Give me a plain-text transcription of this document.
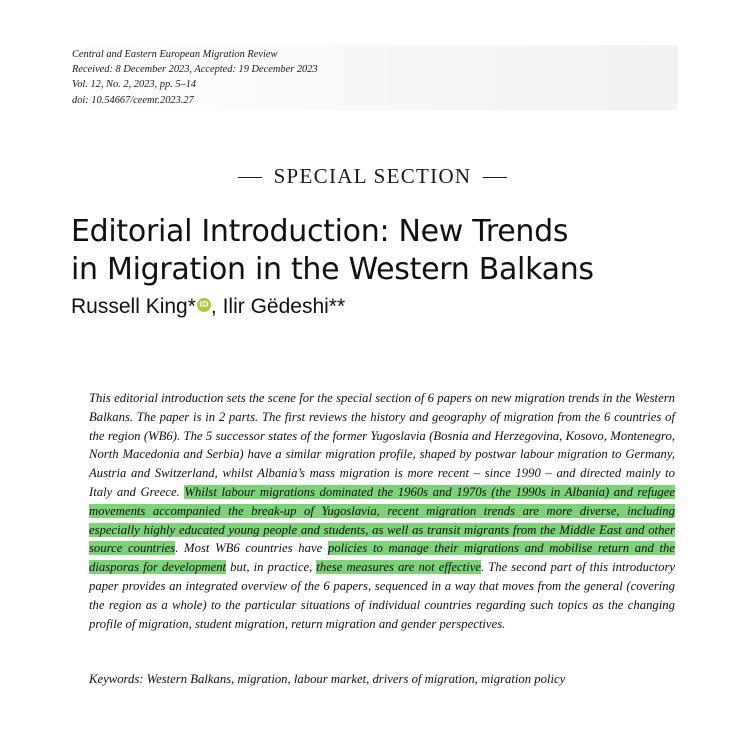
Central and Eastern European Migration Review
Received: 8 December 2023, Accepted: 19 December 2023
Vol. 12, No. 2, 2023, pp. 5–14
doi: 10.54667/ceemr.2023.27
SPECIAL SECTION
Editorial Introduction: New Trends
in Migration in the Western Balkans
Russell King* iD , Ilir Gëdeshi**
This editorial introduction sets the scene for the special section of 6 papers on new migration trends in the Western Balkans. The paper is in 2 parts. The first reviews the history and geography of migration from the 6 countries of the region (WB6). The 5 successor states of the former Yugoslavia (Bosnia and Herzegovina, Kosovo, Montenegro, North Macedonia and Serbia) have a similar migration profile, shaped by postwar labour migration to Germany, Austria and Switzerland, whilst Albania’s mass migration is more recent – since 1990 – and directed mainly to Italy and Greece. Whilst labour migrations dominated the 1960s and 1970s (the 1990s in Albania) and refugee movements accompanied the break-up of Yugoslavia, recent migration trends are more diverse, including especially highly educated young people and students, as well as transit migrants from the Middle East and other source countries. Most WB6 countries have policies to manage their migrations and mobilise return and the diasporas for development but, in practice, these measures are not effective. The second part of this introductory paper provides an integrated overview of the 6 papers, sequenced in a way that moves from the general (covering the region as a whole) to the particular situations of individual countries regarding such topics as the changing profile of migration, student migration, return migration and gender perspectives.
Keywords: Western Balkans, migration, labour market, drivers of migration, migration policy
